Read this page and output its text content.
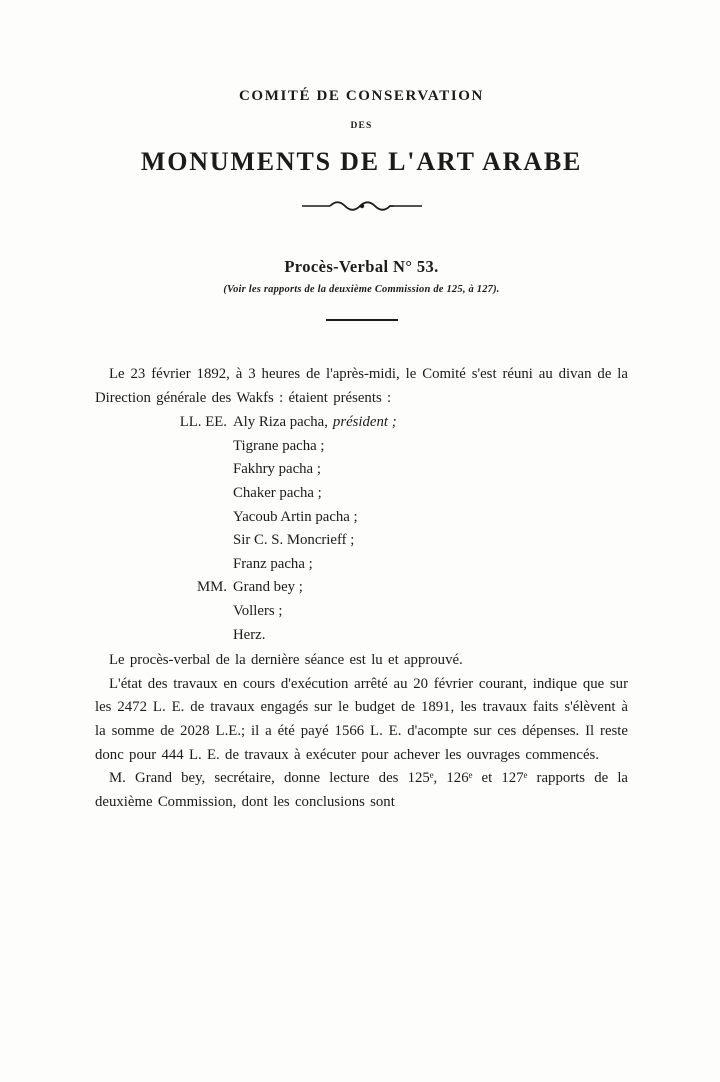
COMITÉ DE CONSERVATION
DES
MONUMENTS DE L'ART ARABE
Procès-Verbal N° 53.
(Voir les rapports de la deuxième Commission de 125, à 127).

Le 23 février 1892, à 3 heures de l'après-midi, le Comité s'est réuni au divan de la Direction générale des Wakfs : étaient présents :

LL. EE. Aly Riza pacha, président ;
Tigrane pacha ;
Fakhry pacha ;
Chaker pacha ;
Yacoub Artin pacha ;
Sir C. S. Moncrieff ;
Franz pacha ;
MM. Grand bey ;
Vollers ;
Herz.

Le procès-verbal de la dernière séance est lu et approuvé.

L'état des travaux en cours d'exécution arrêté au 20 février courant, indique que sur les 2472 L. E. de travaux engagés sur le budget de 1891, les travaux faits s'élèvent à la somme de 2028 L.E.; il a été payé 1566 L. E. d'acompte sur ces dépenses. Il reste donc pour 444 L. E. de travaux à exécuter pour achever les ouvrages commencés.

M. Grand bey, secrétaire, donne lecture des 125ᵉ, 126ᵉ et 127ᵉ rapports de la deuxième Commission, dont les conclusions sont
